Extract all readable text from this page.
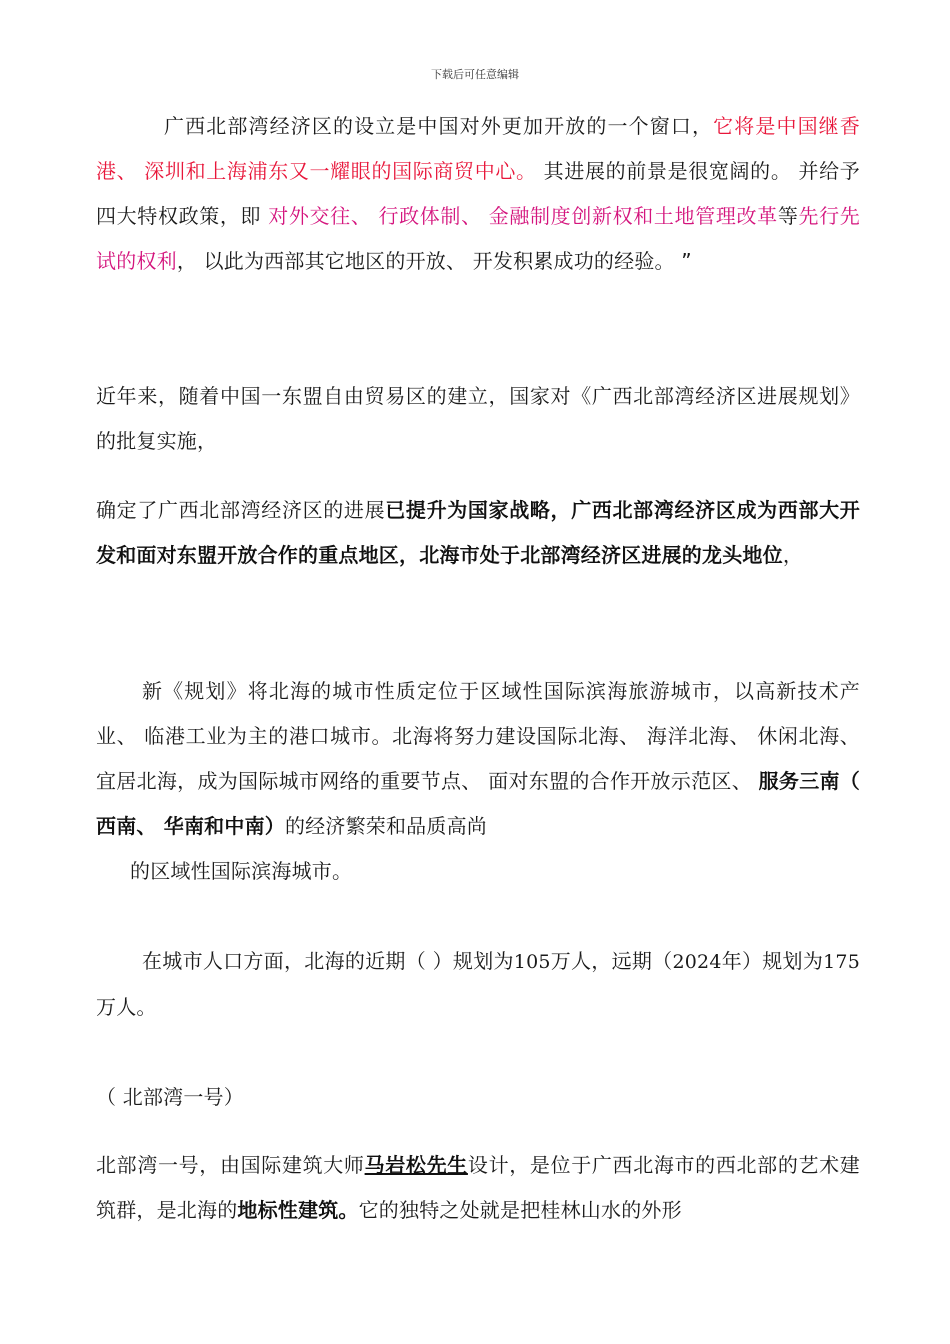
下载后可任意编辑

广西北部湾经济区的设立是中国对外更加开放的一个窗口，它将是中国继香港、 深圳和上海浦东又一耀眼的国际商贸中心。 其进展的前景是很宽阔的。 并给予四大特权政策，即 对外交往、 行政体制、 金融制度创新权和土地管理改革等先行先试的权利， 以此为西部其它地区的开放、 开发积累成功的经验。 ”

近年来，随着中国一东盟自由贸易区的建立，国家对《广西北部湾经济区进展规划》的批复实施，

确定了广西北部湾经济区的进展已提升为国家战略，广西北部湾经济区成为西部大开发和面对东盟开放合作的重点地区，北海市处于北部湾经济区进展的龙头地位，

新《规划》将北海的城市性质定位于区域性国际滨海旅游城市，以高新技术产业、 临港工业为主的港口城市。北海将努力建设国际北海、 海洋北海、 休闲北海、 宜居北海，成为国际城市网络的重要节点、 面对东盟的合作开放示范区、 服务三南（ 西南、 华南和中南）的经济繁荣和品质高尚
的区域性国际滨海城市。

在城市人口方面，北海的近期（ ）规划为105万人，远期（2024年）规划为175万人。

（ 北部湾一号）

北部湾一号，由国际建筑大师马岩松先生设计，是位于广西北海市的西北部的艺术建筑群，是北海的地标性建筑。它的独特之处就是把桂林山水的外形
